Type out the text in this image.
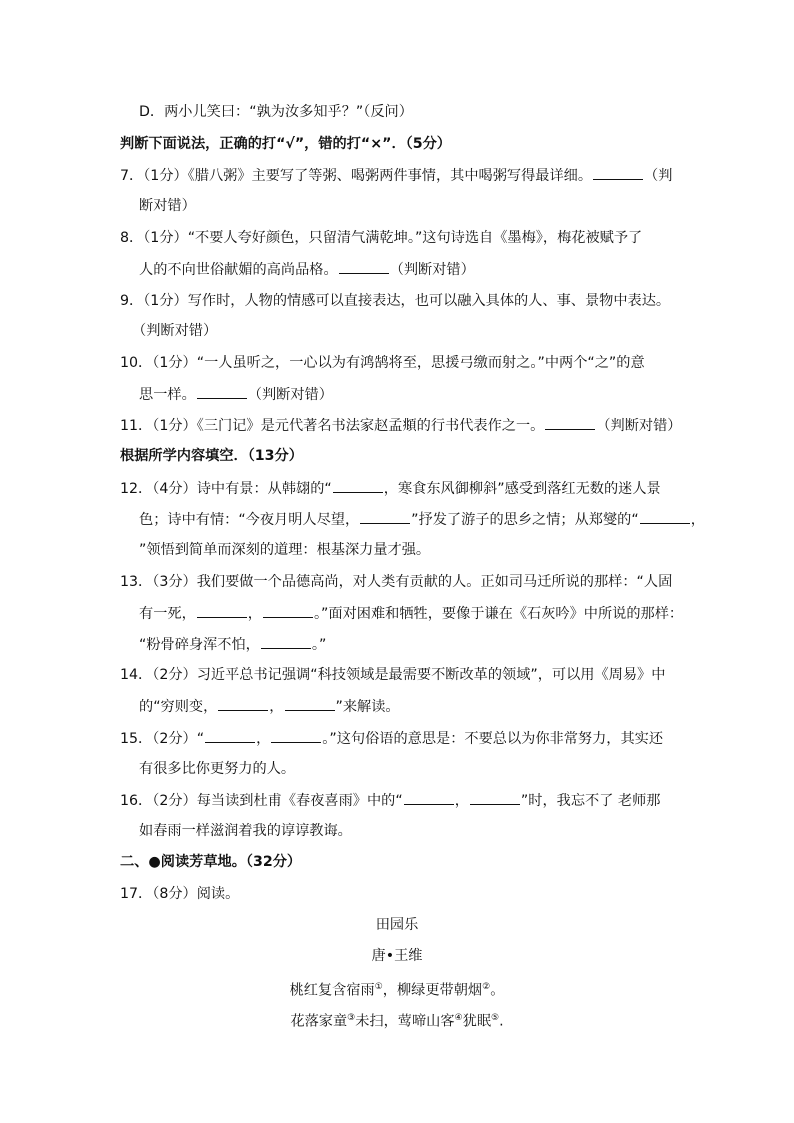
D．两小儿笑曰：“孰为汝多知乎？”（反问）
判断下面说法，正确的打“√”，错的打“×”．（5分）
7．（1分）《腊八粥》主要写了等粥、喝粥两件事情，其中喝粥写得最详细。	（判
断对错）
8．（1分）“不要人夸好颜色，只留清气满乾坤。”这句诗选自《墨梅》，梅花被赋予了
人的不向世俗献媚的高尚品格。	（判断对错）
9．（1分）写作时，人物的情感可以直接表达，也可以融入具体的人、事、景物中表达。
（判断对错）
10．（1分）“一人虽听之，一心以为有鸿鹄将至，思援弓缴而射之。”中两个“之”的意
思一样。	（判断对错）
11．（1分）《三门记》是元代著名书法家赵孟頫的行书代表作之一。	（判断对错）
根据所学内容填空．（13分）
12．（4分）诗中有景：从韩翃的“	，寒食东风御柳斜”感受到落红无数的迷人景
色；诗中有情：“今夜月明人尽望，	”抒发了游子的思乡之情；从郑燮的“	，
”领悟到简单而深刻的道理：根基深力量才强。
13．（3分）我们要做一个品德高尚，对人类有贡献的人。正如司马迁所说的那样：“人固
有一死，	，	。”面对困难和牺牲，要像于谦在《石灰吟》中所说的那样：
“粉骨碎身浑不怕，	。”
14．（2分）习近平总书记强调“科技领域是最需要不断改革的领域”，可以用《周易》中
的“穷则变，	，	”来解读。
15．（2分）“	，	。”这句俗语的意思是：不要总以为你非常努力，其实还
有很多比你更努力的人。
16．（2分）每当读到杜甫《春夜喜雨》中的“	，	”时，我忘不了 老师那
如春雨一样滋润着我的谆谆教诲。
二、●阅读芳草地。（32分）
17．（8分）阅读。
田园乐
唐•王维
桃红复含宿雨①，柳绿更带朝烟②。
花落家童③未扫，莺啼山客④犹眠⑤.
